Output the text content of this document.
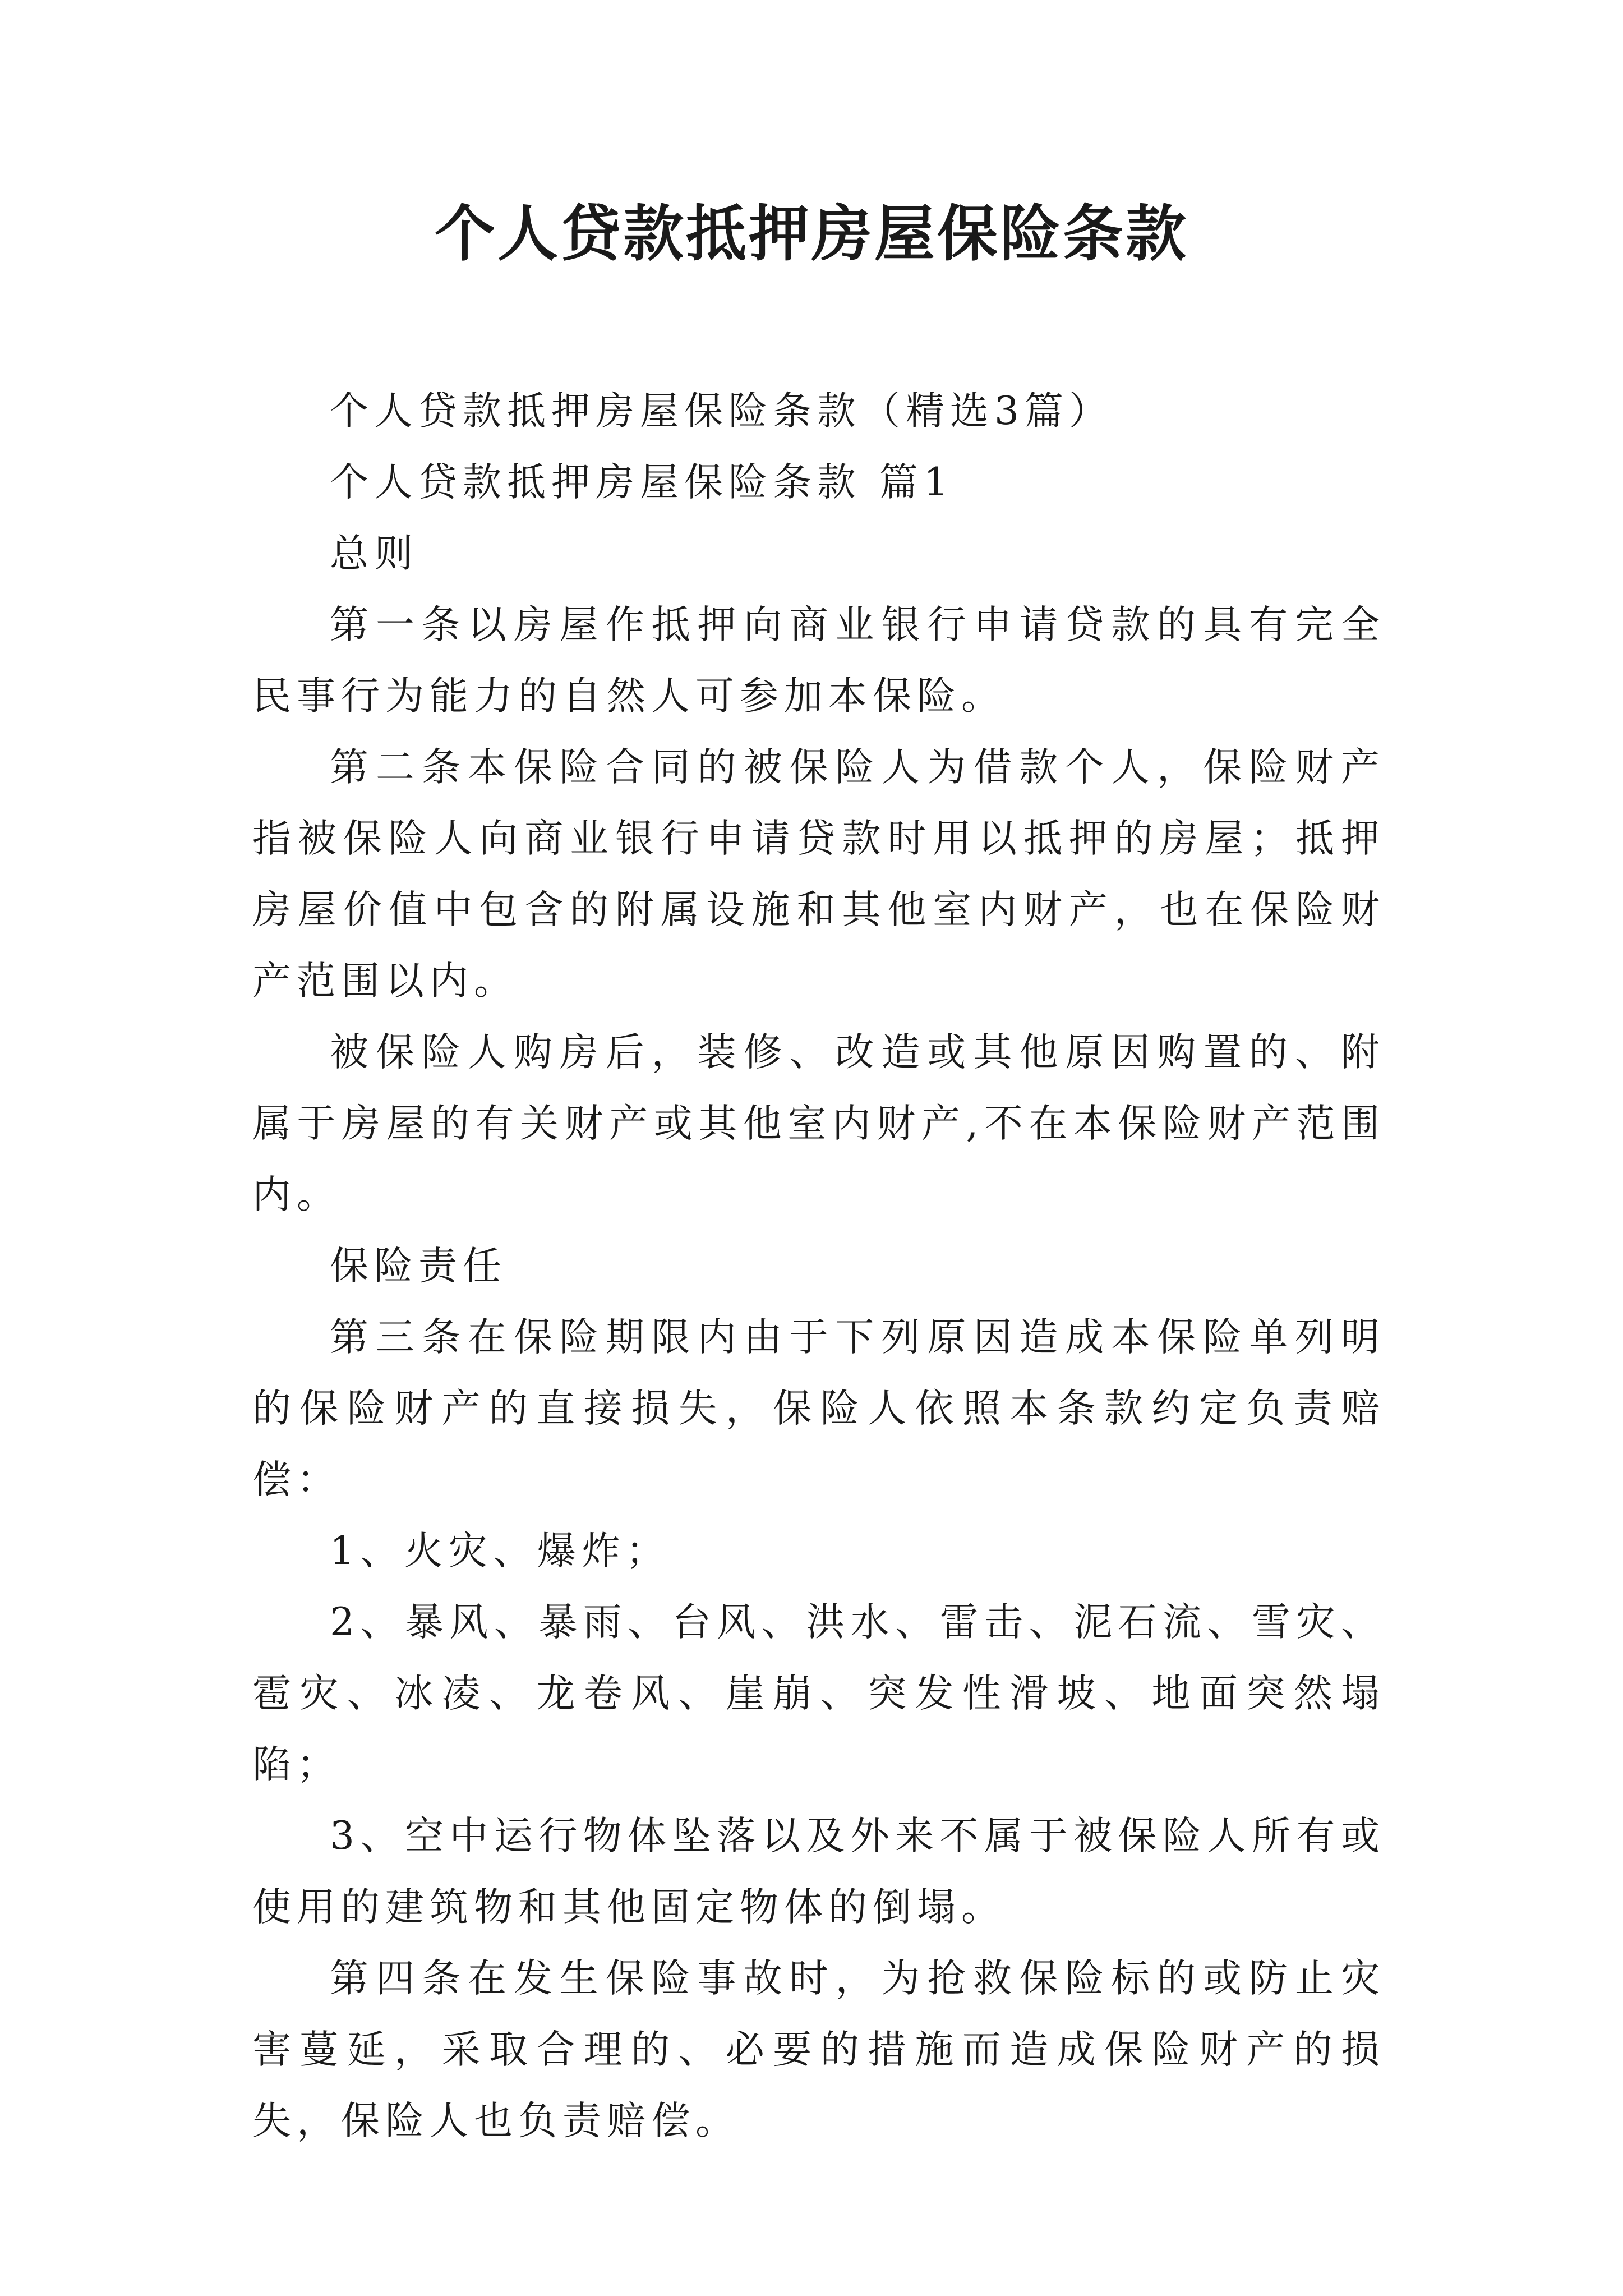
个人贷款抵押房屋保险条款

个人贷款抵押房屋保险条款（精选3篇）

个人贷款抵押房屋保险条款 篇1

总则

第一条以房屋作抵押向商业银行申请贷款的具有完全民事行为能力的自然人可参加本保险。

第二条本保险合同的被保险人为借款个人，保险财产指被保险人向商业银行申请贷款时用以抵押的房屋；抵押房屋价值中包含的附属设施和其他室内财产，也在保险财产范围以内。

被保险人购房后，装修、改造或其他原因购置的、附属于房屋的有关财产或其他室内财产,不在本保险财产范围内。

保险责任

第三条在保险期限内由于下列原因造成本保险单列明的保险财产的直接损失，保险人依照本条款约定负责赔偿：

1、火灾、爆炸；

2、暴风、暴雨、台风、洪水、雷击、泥石流、雪灾、雹灾、冰凌、龙卷风、崖崩、突发性滑坡、地面突然塌陷；

3、空中运行物体坠落以及外来不属于被保险人所有或使用的建筑物和其他固定物体的倒塌。

第四条在发生保险事故时，为抢救保险标的或防止灾害蔓延，采取合理的、必要的措施而造成保险财产的损失，保险人也负责赔偿。
